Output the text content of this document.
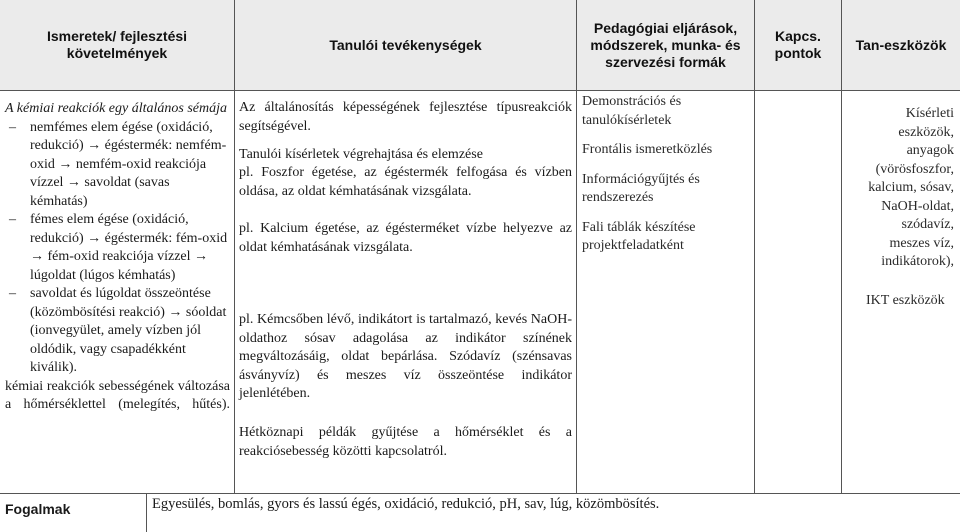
Ismeretek/ fejlesztési követelmények
Tanulói tevékenységek
Pedagógiai eljárások, módszerek, munka- és szervezési formák
Kapcs. pontok
Tan-eszközök
A kémiai reakciók egy általános sémája
– nemfémes elem égése (oxidáció, redukció) → égéstermék: nemfém-oxid → nemfém-oxid reakciója vízzel → savoldat (savas kémhatás)
– fémes elem égése (oxidáció, redukció) → égéstermék: fém-oxid → fém-oxid reakciója vízzel → lúgoldat (lúgos kémhatás)
– savoldat és lúgoldat összeöntése (közömbösítési reakció) → sóoldat (ionvegyület, amely vízben jól oldódik, vagy csapadékként kiválik).
kémiai reakciók sebességének változása a hőmérséklettel (melegítés, hűtés).
Az általánosítás képességének fejlesztése típusreakciók segítségével.
Tanulói kísérletek végrehajtása és elemzése
pl. Foszfor égetése, az égéstermék felfogása és vízben oldása, az oldat kémhatásának vizsgálata.
pl. Kalcium égetése, az égésterméket vízbe helyezve az oldat kémhatásának vizsgálata.
pl. Kémcsőben lévő, indikátort is tartalmazó, kevés NaOH-oldathoz sósav adagolása az indikátor színének megváltozásáig, oldat bepárlása. Szódavíz (szénsavas ásványvíz) és meszes víz összeöntése indikátor jelenlétében.
Hétköznapi példák gyűjtése a hőmérséklet és a reakciósebesség közötti kapcsolatról.

Demonstrációs és tanulókísérletek

Frontális ismeretközlés

Információgyűjtés és rendszerezés

Fali táblák készítése projektfeladatként

Kísérleti eszközök, anyagok (vörösfoszfor, kalcium, sósav, NaOH-oldat, szódavíz, meszes víz, indikátorok),

IKT eszközök

Fogalmak	Egyesülés, bomlás, gyors és lassú égés, oxidáció, redukció, pH, sav, lúg, közömbösítés.
